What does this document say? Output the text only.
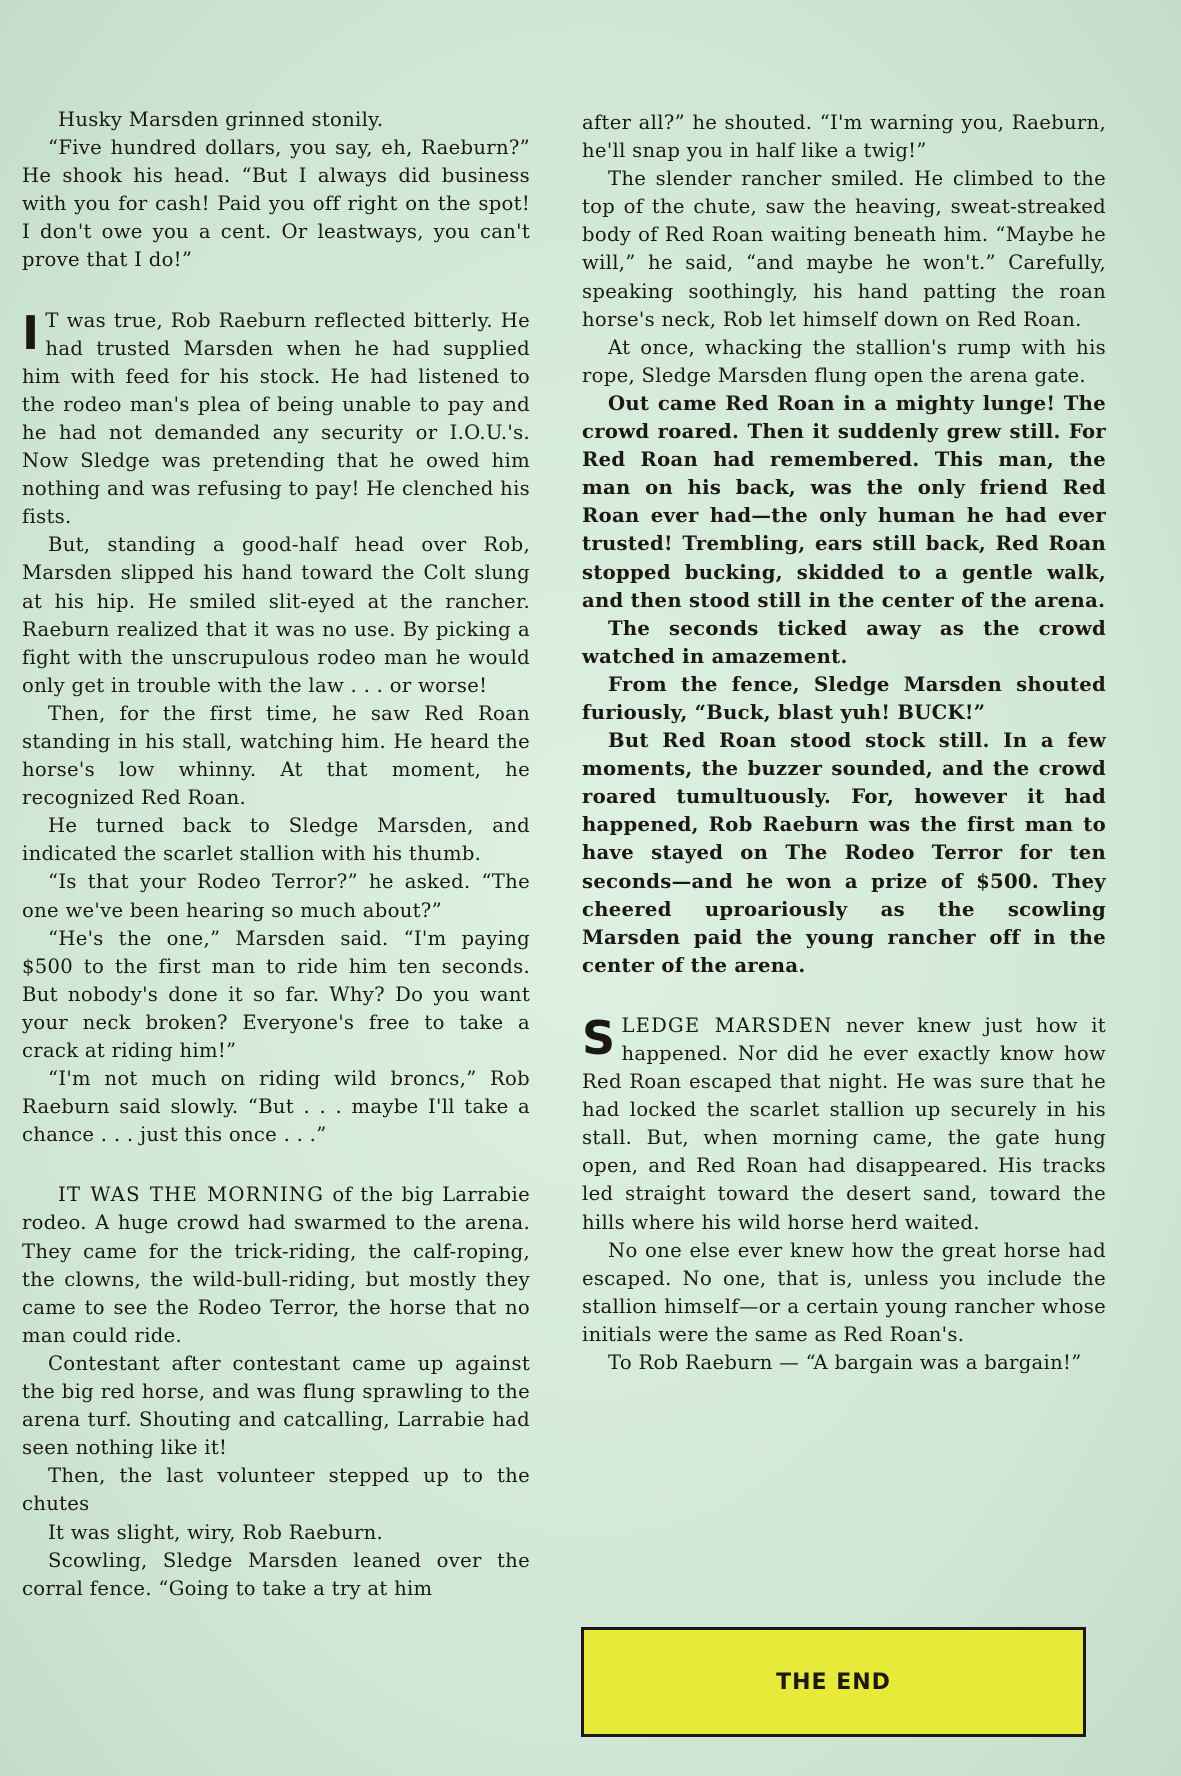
Husky Marsden grinned stonily.

“Five hundred dollars, you say, eh, Raeburn?” He shook his head. “But I always did business with you for cash! Paid you off right on the spot! I don't owe you a cent. Or leastways, you can't prove that I do!”

I T was true, Rob Raeburn reflected bitterly. He had trusted Marsden when he had supplied him with feed for his stock. He had listened to the rodeo man's plea of being unable to pay and he had not demanded any security or I.O.U.'s. Now Sledge was pretending that he owed him nothing and was refusing to pay! He clenched his fists.

But, standing a good-half head over Rob, Marsden slipped his hand toward the Colt slung at his hip. He smiled slit-eyed at the rancher. Raeburn realized that it was no use. By picking a fight with the unscrupulous rodeo man he would only get in trouble with the law . . . or worse!

Then, for the first time, he saw Red Roan standing in his stall, watching him. He heard the horse's low whinny. At that moment, he recognized Red Roan.

He turned back to Sledge Marsden, and indicated the scarlet stallion with his thumb.

“Is that your Rodeo Terror?” he asked. “The one we've been hearing so much about?”

“He's the one,” Marsden said. “I'm paying $500 to the first man to ride him ten seconds. But nobody's done it so far. Why? Do you want your neck broken? Everyone's free to take a crack at riding him!”

“I'm not much on riding wild broncs,” Rob Raeburn said slowly. “But . . . maybe I'll take a chance . . . just this once . . .”

IT WAS THE MORNING of the big Larrabie rodeo. A huge crowd had swarmed to the arena. They came for the trick-riding, the calf-roping, the clowns, the wild-bull-riding, but mostly they came to see the Rodeo Terror, the horse that no man could ride.

Contestant after contestant came up against the big red horse, and was flung sprawling to the arena turf. Shouting and catcalling, Larrabie had seen nothing like it!

Then, the last volunteer stepped up to the chutes

It was slight, wiry, Rob Raeburn.

Scowling, Sledge Marsden leaned over the corral fence. “Going to take a try at him

after all?” he shouted. “I'm warning you, Raeburn, he'll snap you in half like a twig!”

The slender rancher smiled. He climbed to the top of the chute, saw the heaving, sweat-streaked body of Red Roan waiting beneath him. “Maybe he will,” he said, “and maybe he won't.” Carefully, speaking soothingly, his hand patting the roan horse's neck, Rob let himself down on Red Roan.

At once, whacking the stallion's rump with his rope, Sledge Marsden flung open the arena gate.

Out came Red Roan in a mighty lunge! The crowd roared. Then it suddenly grew still. For Red Roan had remembered. This man, the man on his back, was the only friend Red Roan ever had—the only human he had ever trusted! Trembling, ears still back, Red Roan stopped bucking, skidded to a gentle walk, and then stood still in the center of the arena.

The seconds ticked away as the crowd watched in amazement.

From the fence, Sledge Marsden shouted furiously, “Buck, blast yuh! BUCK!”

But Red Roan stood stock still. In a few moments, the buzzer sounded, and the crowd roared tumultuously. For, however it had happened, Rob Raeburn was the first man to have stayed on The Rodeo Terror for ten seconds—and he won a prize of $500. They cheered uproariously as the scowling Marsden paid the young rancher off in the center of the arena.

SLEDGE MARSDEN never knew just how it happened. Nor did he ever exactly know how Red Roan escaped that night. He was sure that he had locked the scarlet stallion up securely in his stall. But, when morning came, the gate hung open, and Red Roan had disappeared. His tracks led straight toward the desert sand, toward the hills where his wild horse herd waited.

No one else ever knew how the great horse had escaped. No one, that is, unless you include the stallion himself—or a certain young rancher whose initials were the same as Red Roan's.

To Rob Raeburn — “A bargain was a bargain!”

THE END
